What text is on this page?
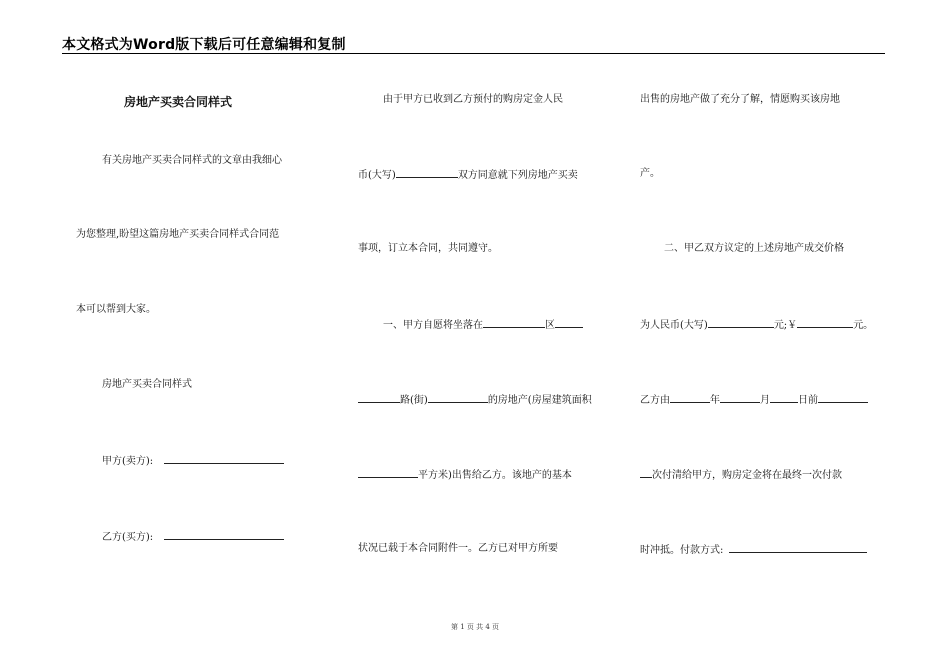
本文格式为Word版下载后可任意编辑和复制
房地产买卖合同样式
有关房地产买卖合同样式的文章由我细心
为您整理,盼望这篇房地产买卖合同样式合同范
本可以帮到大家。
房地产买卖合同样式
甲方(卖方):
乙方(买方):
由于甲方已收到乙方预付的购房定金人民
币(大写)	双方同意就下列房地产买卖
事项，订立本合同，共同遵守。
一、甲方自愿将坐落在	区
路(街)	的房地产(房屋建筑面积
平方米)出售给乙方。该地产的基本
状况已载于本合同附件一。乙方已对甲方所要
出售的房地产做了充分了解，情愿购买该房地
产。
二、甲乙双方议定的上述房地产成交价格
为人民币(大写)	元;￥	元。
乙方由	年	月	日前
次付清给甲方，购房定金将在最终一次付款
时冲抵。付款方式:
第 1 页 共 4 页
